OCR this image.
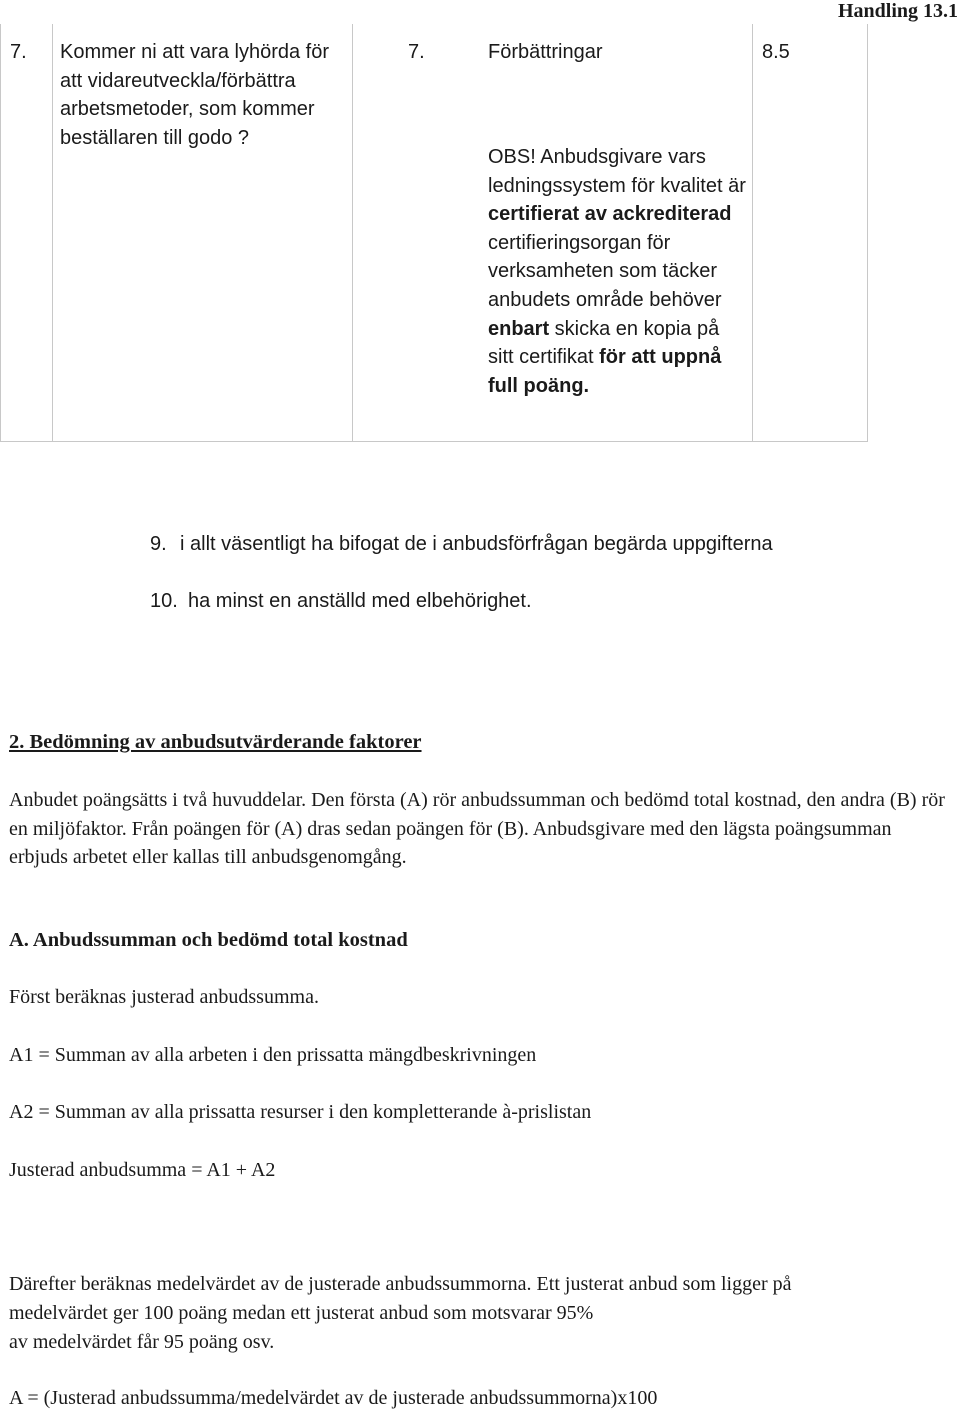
Handling 13.1
7. Kommer ni att vara lyhörda för att vidareutveckla/förbättra arbetsmetoder, som kommer beställaren till godo ?
7.	Förbättringar	8.5
OBS! Anbudsgivare vars ledningssystem för kvalitet är certifierat av ackrediterad certifieringsorgan för verksamheten som täcker anbudets område behöver enbart skicka en kopia på sitt certifikat för att uppnå full poäng.
9. i allt väsentligt ha bifogat de i anbudsförfrågan begärda uppgifterna
10. ha minst en anställd med elbehörighet.
2. Bedömning av anbudsutvärderande faktorer
Anbudet poängsätts i två huvuddelar. Den första (A) rör anbudssumman och bedömd total kostnad, den andra (B) rör en miljöfaktor. Från poängen för (A) dras sedan poängen för (B). Anbudsgivare med den lägsta poängsumman erbjuds arbetet eller kallas till anbudsgenomgång.
A. Anbudssumman och bedömd total kostnad
Först beräknas justerad anbudssumma.
A1 = Summan av alla arbeten i den prissatta mängdbeskrivningen
A2 = Summan av alla prissatta resurser i den kompletterande à-prislistan
Justerad anbudsumma = A1 + A2
Därefter beräknas medelvärdet av de justerade anbudssummorna. Ett justerat anbud som ligger på
medelvärdet ger 100 poäng medan ett justerat anbud som motsvarar 95%
av medelvärdet får 95 poäng osv.
A = (Justerad anbudssumma/medelvärdet av de justerade anbudssummorna)x100
